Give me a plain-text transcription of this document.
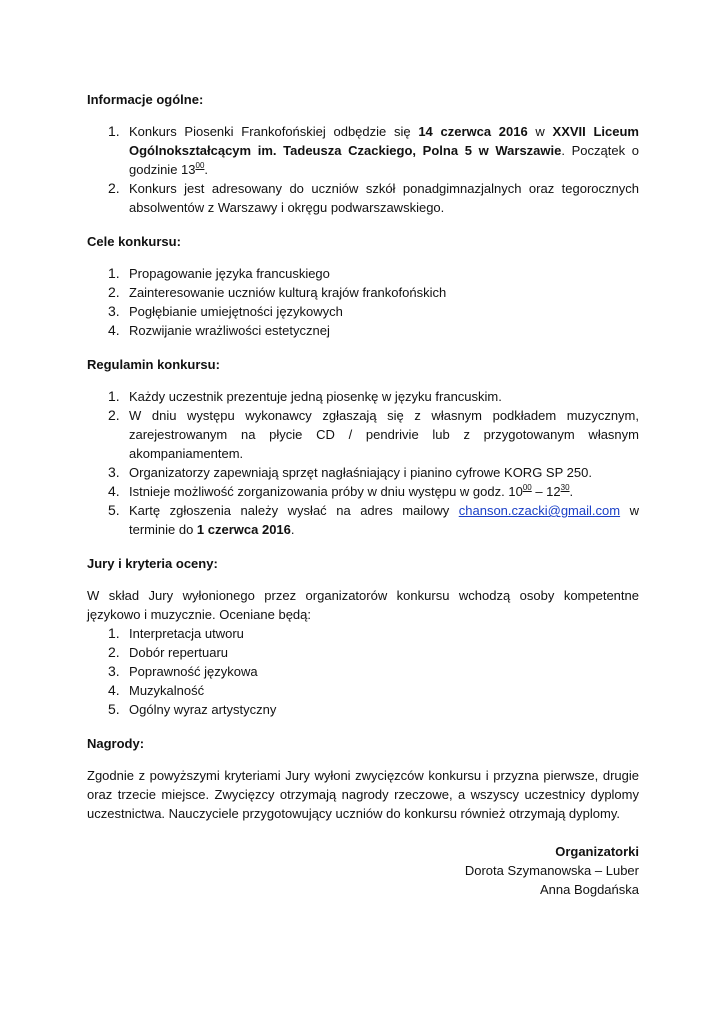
Informacje ogólne:
1. Konkurs Piosenki Frankofońskiej odbędzie się 14 czerwca 2016 w XXVII Liceum Ogólnokształcącym im. Tadeusza Czackiego, Polna 5 w Warszawie. Początek o godzinie $13^{00}$.
2. Konkurs jest adresowany do uczniów szkół ponadgimnazjalnych oraz tegorocznych absolwentów z Warszawy i okręgu podwarszawskiego.
Cele konkursu:
1. Propagowanie języka francuskiego
2. Zainteresowanie uczniów kulturą krajów frankofońskich
3. Pogłębianie umiejętności językowych
4. Rozwijanie wrażliwości estetycznej
Regulamin konkursu:
1. Każdy uczestnik prezentuje jedną piosenkę w języku francuskim.
2. W dniu występu wykonawcy zgłaszają się z własnym podkładem muzycznym, zarejestrowanym na płycie CD / pendrivie lub z przygotowanym własnym akompaniamentem.
3. Organizatorzy zapewniają sprzęt nagłaśniający i pianino cyfrowe KORG SP 250.
4. Istnieje możliwość zorganizowania próby w dniu występu w godz. $10^{00} - 12^{30}$.
5. Kartę zgłoszenia należy wysłać na adres mailowy chanson.czacki@gmail.com w terminie do 1 czerwca 2016.
Jury i kryteria oceny:

W skład Jury wyłonionego przez organizatorów konkursu wchodzą osoby kompetentne językowo i muzycznie. Oceniane będą:

1. Interpretacja utworu
2. Dobór repertuaru
3. Poprawność językowa
4. Muzykalność
5. Ogólny wyraz artystyczny
Nagrody:

Zgodnie z powyższymi kryteriami Jury wyłoni zwycięzców konkursu i przyzna pierwsze, drugie oraz trzecie miejsce. Zwycięzcy otrzymają nagrody rzeczowe, a wszyscy uczestnicy dyplomy uczestnictwa. Nauczyciele przygotowujący uczniów do konkursu również otrzymają dyplomy.

Organizatorki
Dorota Szymanowska – Luber
Anna Bogdańska
